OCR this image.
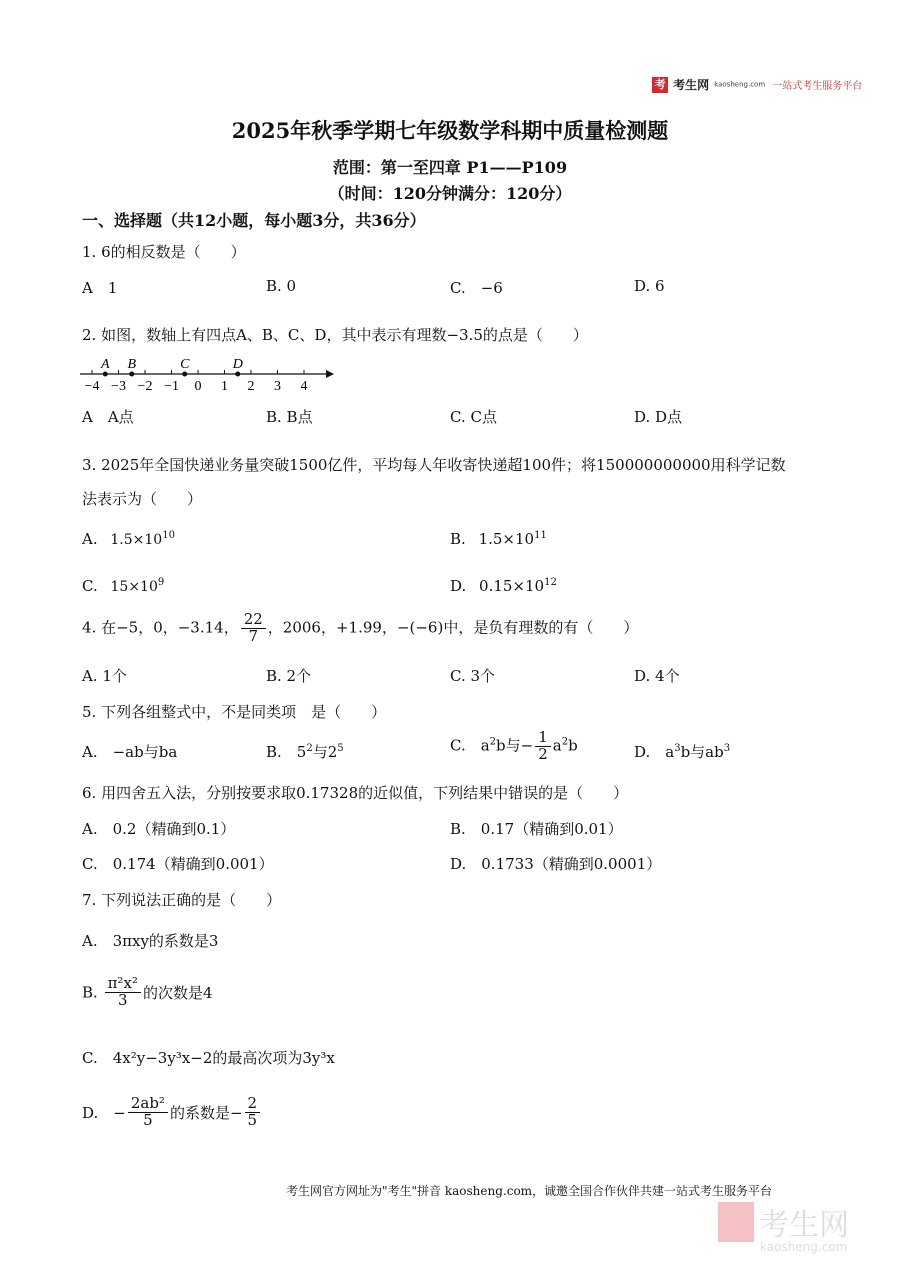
考 考生网 kaosheng.com 一站式考生服务平台
2025年秋季学期七年级数学科期中质量检测题
范围：第一至四章 P1——P109
（时间：120分钟满分：120分）
一、选择题（共12小题，每小题3分，共36分）
1. 6的相反数是（　　）
A　1	B. 0	C.　−6	D. 6
2. 如图，数轴上有四点A、B、C、D，其中表示有理数−3.5的点是（　　）
−4 −3 −2 −1 0 1 2 3 4
A B	C	D
A　A点	B. B点	C. C点	D. D点
3. 2025年全国快递业务量突破1500亿件，平均每人年收寄快递超100件；将150000000000用科学记数
法表示为（　　）
A. $1.5\times 10^{10}$	B. $1.5\times 10^{11}$
C. $15\times 10^9$	D. $0.15\times 10^{12}$
4. 在−5，0，−3.14， $\frac{22}{7}$ ，2006，+1.99，−(−6)中，是负有理数的有（　　）
A. 1个	B. 2个	C. 3个	D. 4个
5. 下列各组整式中，不是同类项　是（　　）
A.　−ab与ba	B.　$5^2$与$2^5$	C.　$a^2b$与− $\frac{1}{2} a^2b$	D.　$a^3b$与$ab^3$
6. 用四舍五入法，分别按要求取0.17328的近似值，下列结果中错误的是（　　）
A.　0.2（精确到0.1）	B.　0.17（精确到0.01）
C.　0.174（精确到0.001）	D.　0.1733（精确到0.0001）
7. 下列说法正确的是（　　）
A.　3πxy的系数是3
B. $\frac{\text{π²x²}}{3}$ 的次数是4
C.　4x²y−3y³x−2的最高次项为3y³x
D.　− $\frac{\text{2ab²}}{5}$ 的系数是− $\frac{2}{5}$
考生网官方网址为"考生"拼音 kaosheng.com，诚邀全国合作伙伴共建一站式考生服务平台
考生网
kaosheng.com
